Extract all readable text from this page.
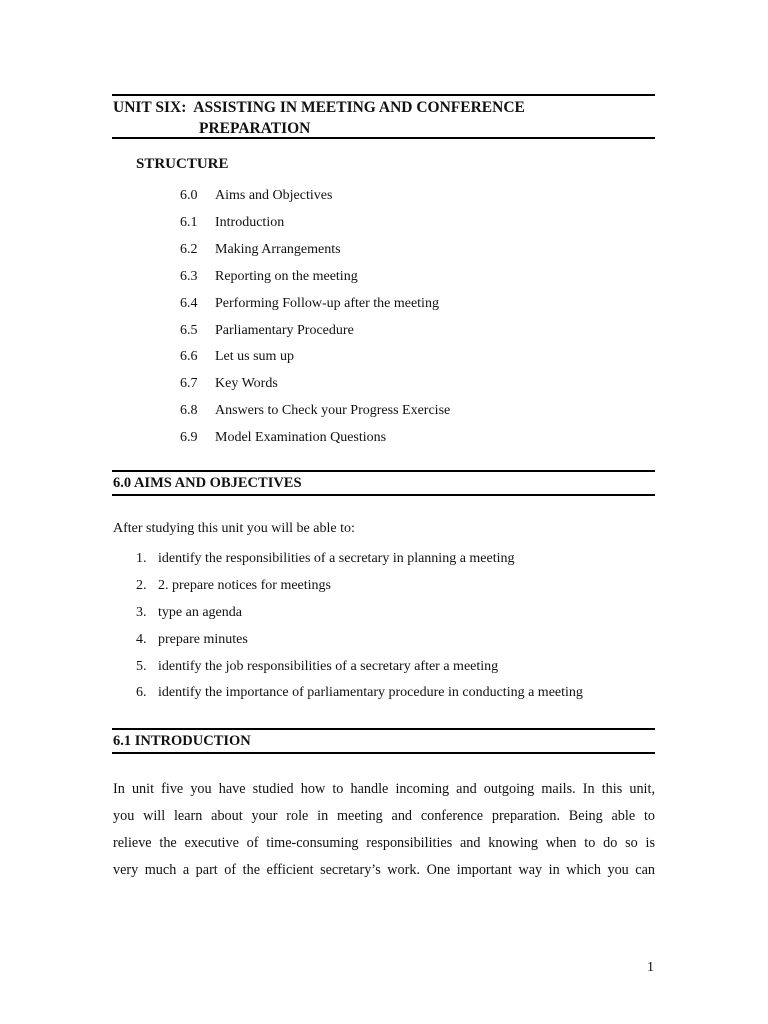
UNIT SIX:  ASSISTING IN MEETING AND CONFERENCE
PREPARATION
STRUCTURE
6.0	Aims and Objectives
6.1	Introduction
6.2	Making Arrangements
6.3	Reporting on the meeting
6.4	Performing Follow-up after the meeting
6.5	Parliamentary Procedure
6.6	Let us sum up
6.7	Key Words
6.8	Answers to Check your Progress Exercise
6.9	Model Examination Questions
6.0 AIMS AND OBJECTIVES
After studying this unit you will be able to:
1. identify the responsibilities of a secretary in planning a meeting
2. 2. prepare notices for meetings
3. type an agenda
4. prepare minutes
5. identify the job responsibilities of a secretary after a meeting
6. identify the importance of parliamentary procedure in conducting a meeting
6.1 INTRODUCTION
In unit five you have studied how to handle incoming and outgoing mails. In this unit,
you will learn about your role in meeting and conference preparation. Being able to
relieve the executive of time-consuming responsibilities and knowing when to do so is
very much a part of the efficient secretary’s work. One important way in which you can
1
